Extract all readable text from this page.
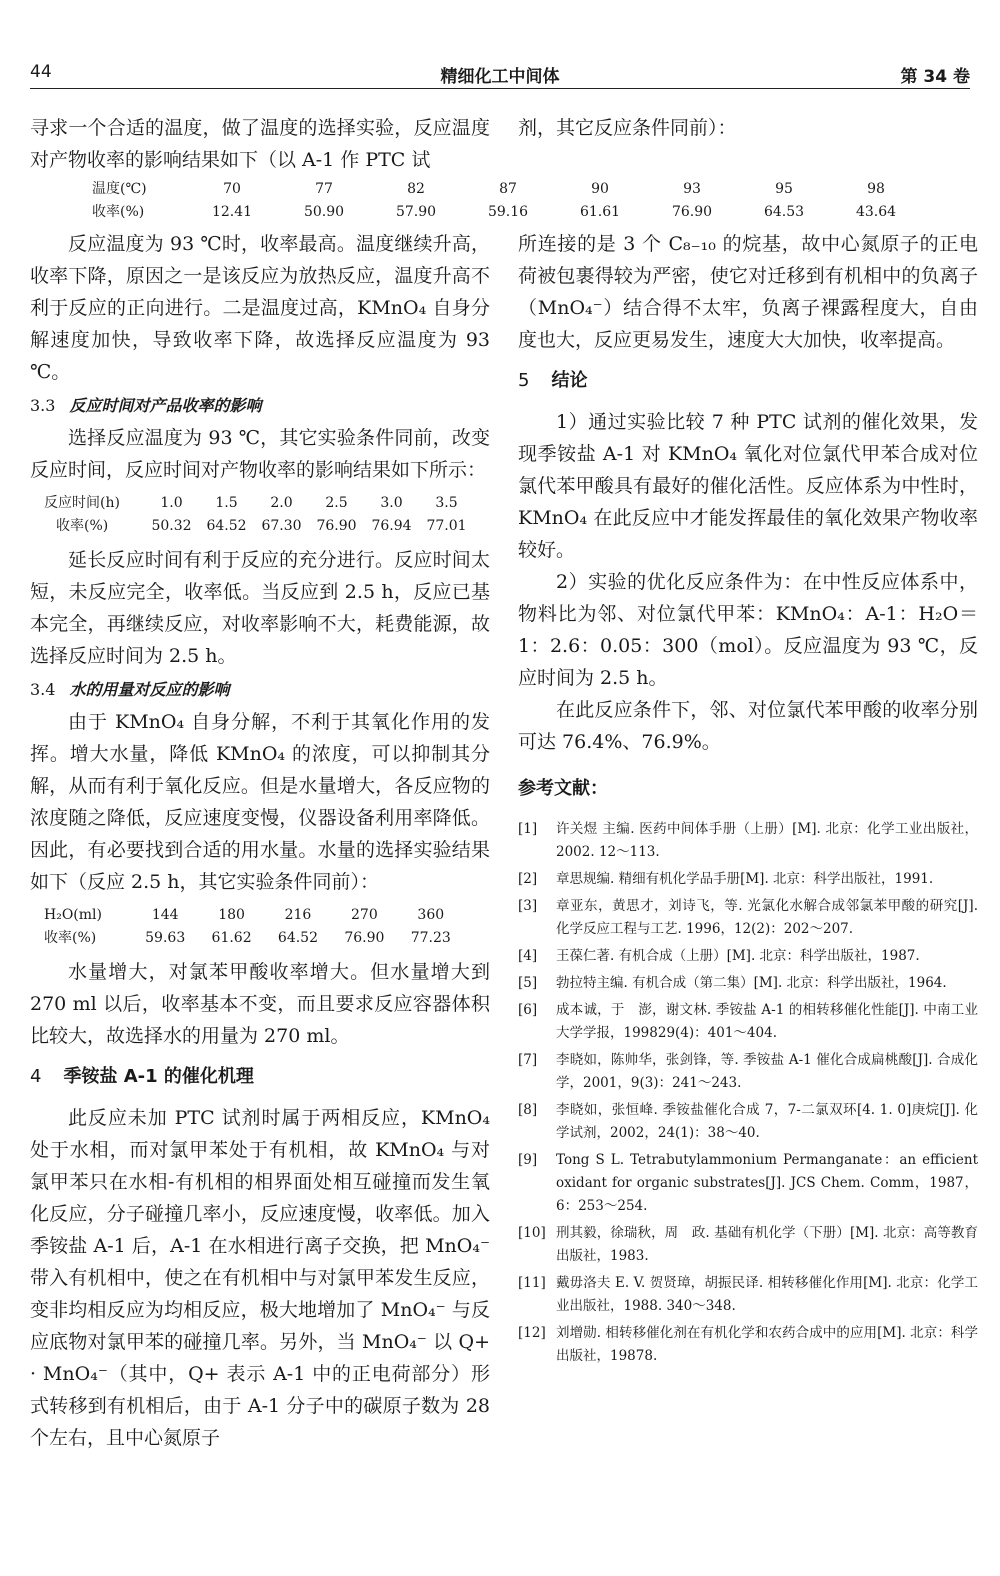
44	精细化工中间体	第 34 卷

寻求一个合适的温度，做了温度的选择实验，反应温度对产物收率的影响结果如下（以 A-1 作 PTC 试

剂，其它反应条件同前）：

温度(℃)	70	77	82	87	90	93	95	98
收率(%)	12.41	50.90	57.90	59.16	61.61	76.90	64.53	43.64

反应温度为 93 ℃时，收率最高。温度继续升高，收率下降，原因之一是该反应为放热反应，温度升高不利于反应的正向进行。二是温度过高，KMnO₄ 自身分解速度加快，导致收率下降，故选择反应温度为 93 ℃。

3.3 反应时间对产品收率的影响

选择反应温度为 93 ℃，其它实验条件同前，改变反应时间，反应时间对产物收率的影响结果如下所示：

反应时间(h)	1.0	1.5	2.0	2.5	3.0	3.5
收率(%)	50.32	64.52	67.30	76.90	76.94	77.01

延长反应时间有利于反应的充分进行。反应时间太短，未反应完全，收率低。当反应到 2.5 h，反应已基本完全，再继续反应，对收率影响不大，耗费能源，故选择反应时间为 2.5 h。

3.4 水的用量对反应的影响

由于 KMnO₄ 自身分解，不利于其氧化作用的发挥。增大水量，降低 KMnO₄ 的浓度，可以抑制其分解，从而有利于氧化反应。但是水量增大，各反应物的浓度随之降低，反应速度变慢，仪器设备利用率降低。因此，有必要找到合适的用水量。水量的选择实验结果如下（反应 2.5 h，其它实验条件同前）：

H₂O(ml)	144	180	216	270	360
收率(%)	59.63	61.62	64.52	76.90	77.23

水量增大，对氯苯甲酸收率增大。但水量增大到 270 ml 以后，收率基本不变，而且要求反应容器体积比较大，故选择水的用量为 270 ml。

4 季铵盐 A-1 的催化机理

此反应未加 PTC 试剂时属于两相反应，KMnO₄ 处于水相，而对氯甲苯处于有机相，故 KMnO₄ 与对氯甲苯只在水相-有机相的相界面处相互碰撞而发生氧化反应，分子碰撞几率小，反应速度慢，收率低。加入季铵盐 A-1 后，A-1 在水相进行离子交换，把 MnO₄⁻ 带入有机相中，使之在有机相中与对氯甲苯发生反应，变非均相反应为均相反应，极大地增加了 MnO₄⁻ 与反应底物对氯甲苯的碰撞几率。另外，当 MnO₄⁻ 以 Q+ · MnO₄⁻（其中，Q+ 表示 A-1 中的正电荷部分）形式转移到有机相后，由于 A-1 分子中的碳原子数为 28 个左右，且中心氮原子

所连接的是 3 个 C₈₋₁₀ 的烷基，故中心氮原子的正电荷被包裹得较为严密，使它对迁移到有机相中的负离子（MnO₄⁻）结合得不太牢，负离子裸露程度大，自由度也大，反应更易发生，速度大大加快，收率提高。

5 结论

1）通过实验比较 7 种 PTC 试剂的催化效果，发现季铵盐 A-1 对 KMnO₄ 氧化对位氯代甲苯合成对位氯代苯甲酸具有最好的催化活性。反应体系为中性时，KMnO₄ 在此反应中才能发挥最佳的氧化效果产物收率较好。

2）实验的优化反应条件为：在中性反应体系中，物料比为邻、对位氯代甲苯：KMnO₄：A-1：H₂O＝ 1：2.6：0.05：300（mol）。反应温度为 93 ℃，反应时间为 2.5 h。

在此反应条件下，邻、对位氯代苯甲酸的收率分别可达 76.4%、76.9%。

参考文献：
[1] 许关煜 主编. 医药中间体手册（上册）[M]. 北京：化学工业出版社，2002. 12～113.
[2] 章思规编. 精细有机化学品手册[M]. 北京：科学出版社，1991.
[3] 章亚东，黄思才，刘诗飞，等. 光氯化水解合成邻氯苯甲酸的研究[J]. 化学反应工程与工艺. 1996，12(2)：202～207.
[4] 王葆仁著. 有机合成（上册）[M]. 北京：科学出版社，1987.
[5] 勃拉特主编. 有机合成（第二集）[M]. 北京：科学出版社，1964.
[6] 成本诚，于　澎，谢文林. 季铵盐 A-1 的相转移催化性能[J]. 中南工业大学学报，199829(4)：401～404.
[7] 李晓如，陈帅华，张剑锋，等. 季铵盐 A-1 催化合成扁桃酸[J]. 合成化学，2001，9(3)：241～243.
[8] 李晓如，张恒峰. 季铵盐催化合成 7，7-二氯双环[4. 1. 0]庚烷[J]. 化学试剂，2002，24(1)：38～40.
[9] Tong S L. Tetrabutylammonium Permanganate：an efficient oxidant for organic substrates[J]. JCS Chem. Comm，1987，6：253～254.
[10] 刑其毅，徐瑞秋，周　政. 基础有机化学（下册）[M]. 北京：高等教育出版社，1983.
[11] 戴毋洛夫 E. V. 贺贤璋，胡振民译. 相转移催化作用[M]. 北京：化学工业出版社，1988. 340～348.
[12] 刘增勋. 相转移催化剂在有机化学和农药合成中的应用[M]. 北京：科学出版社，19878.
